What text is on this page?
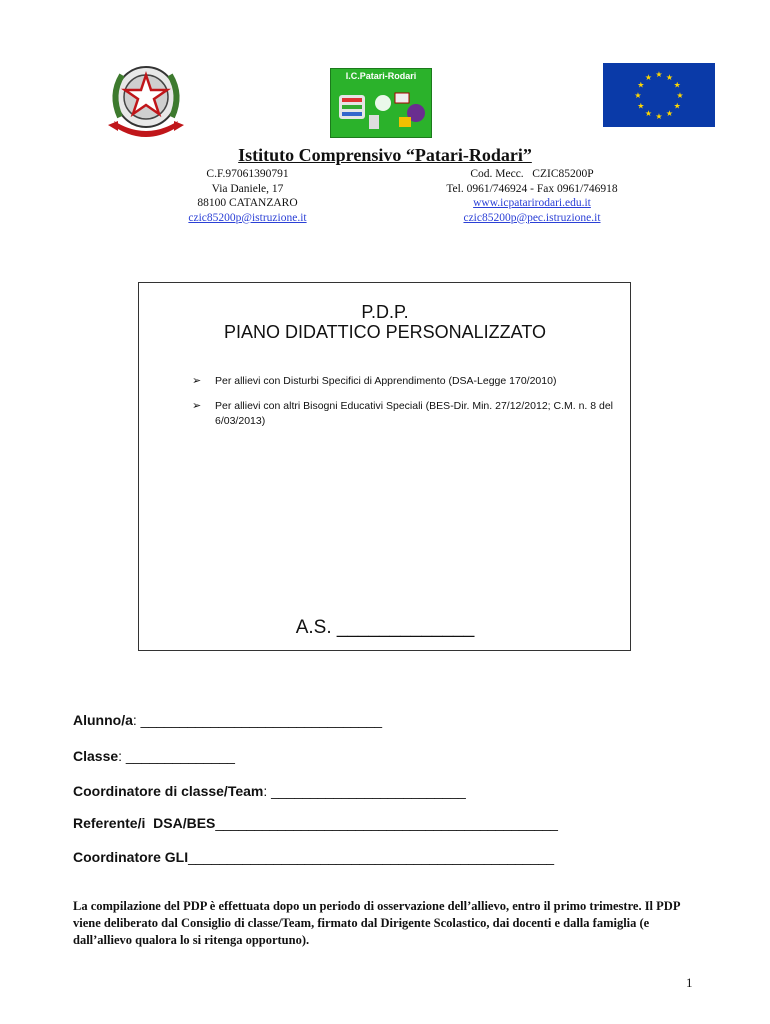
I.C.Patari-Rodari	★ ★
★
★
★
★
★
★
★
★
★
★
Istituto Comprensivo “Patari-Rodari”
C.F.97061390791
Via Daniele, 17
88100 CATANZARO
czic85200p@istruzione.it
Cod. Mecc.   CZIC85200P
Tel. 0961/746924 - Fax 0961/746918
www.icpatarirodari.edu.it
czic85200p@pec.istruzione.it
P.D.P.
PIANO DIDATTICO PERSONALIZZATO
➢ Per allievi con Disturbi Specifici di Apprendimento (DSA-Legge 170/2010)
➢ Per allievi con altri Bisogni Educativi Speciali (BES-Dir. Min. 27/12/2012; C.M. n. 8 del 6/03/2013)
A.S. _____________
Alunno/a: _______________________________
Classe: ______________
Coordinatore di classe/Team: _________________________
Referente/i  DSA/BES____________________________________________
Coordinatore GLI_______________________________________________
La compilazione del PDP è effettuata dopo un periodo di osservazione dell’allievo, entro il primo trimestre. Il PDP viene deliberato dal Consiglio di classe/Team, firmato dal Dirigente Scolastico, dai docenti e dalla famiglia (e dall’allievo qualora lo si ritenga opportuno).
1
